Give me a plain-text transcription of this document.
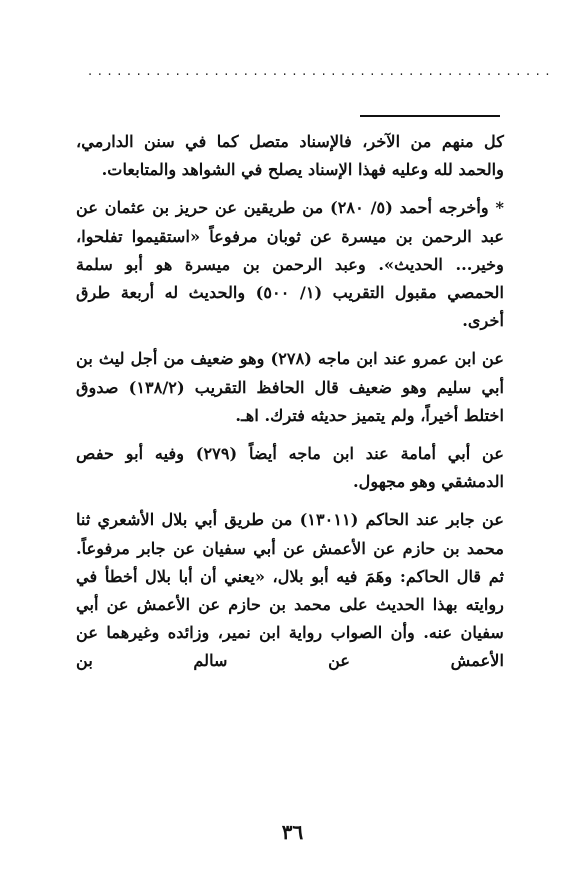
................................................

كل منهم من الآخر، فالإسناد متصل كما في سنن الدارمي، والحمد لله وعليه فهذا الإسناد يصلح في الشواهد والمتابعات.

* وأخرجه أحمد (٥/ ٢٨٠) من طريقين عن حريز بن عثمان عن عبد الرحمن بن ميسرة عن ثوبان مرفوعاً «استقيموا تفلحوا، وخير... الحديث». وعبد الرحمن بن ميسرة هو أبو سلمة الحمصي مقبول التقريب (١/ ٥٠٠) والحديث له أربعة طرق أخرى.

عن ابن عمرو عند ابن ماجه (٢٧٨) وهو ضعيف من أجل ليث بن أبي سليم وهو ضعيف قال الحافظ التقريب (١٣٨/٢) صدوق اختلط أخيراً، ولم يتميز حديثه فترك. اهـ.

عن أبي أمامة عند ابن ماجه أيضاً (٢٧٩) وفيه أبو حفص الدمشقي وهو مجهول.

عن جابر عند الحاكم (١٣٠١١) من طريق أبي بلال الأشعري ثنا محمد بن حازم عن الأعمش عن أبي سفيان عن جابر مرفوعاً. ثم قال الحاكم: وهَمَ فيه أبو بلال، «يعني أن أبا بلال أخطأ في روايته بهذا الحديث على محمد بن حازم عن الأعمش عن أبي سفيان عنه. وأن الصواب رواية ابن نمير، وزائده وغيرهما عن الأعمش عن سالم بن

٣٦
